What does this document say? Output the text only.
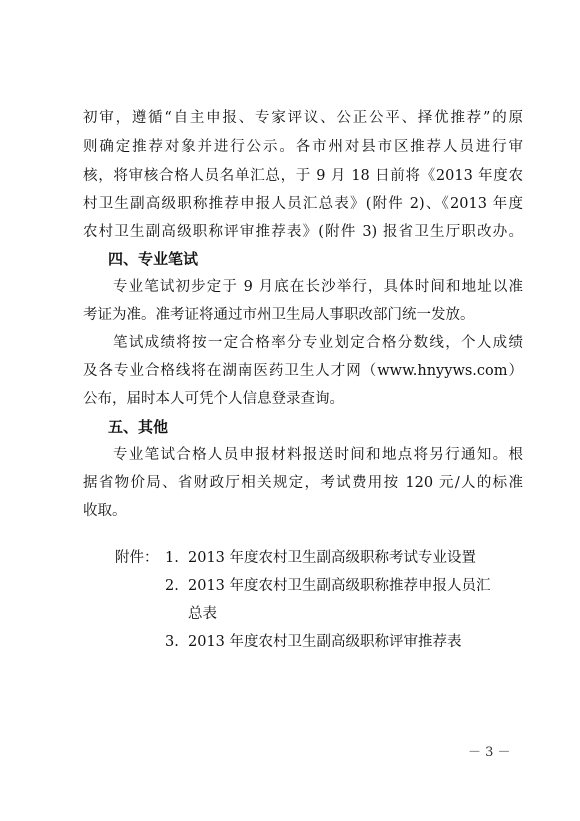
初审，遵循“自主申报、专家评议、公正公平、择优推荐”的原
则确定推荐对象并进行公示。各市州对县市区推荐人员进行审
核，将审核合格人员名单汇总，于 9 月 18 日前将《2013 年度农
村卫生副高级职称推荐申报人员汇总表》(附件 2)、《2013 年度
农村卫生副高级职称评审推荐表》(附件 3) 报省卫生厅职改办。
四、专业笔试
专业笔试初步定于 9 月底在长沙举行，具体时间和地址以准
考证为准。准考证将通过市州卫生局人事职改部门统一发放。
笔试成绩将按一定合格率分专业划定合格分数线，个人成绩
及各专业合格线将在湖南医药卫生人才网（www.hnyyws.com）
公布，届时本人可凭个人信息登录查询。
五、其他
专业笔试合格人员申报材料报送时间和地点将另行通知。根
据省物价局、省财政厅相关规定，考试费用按 120 元/人的标准
收取。
附件： 1. 2013 年度农村卫生副高级职称考试专业设置
2. 2013 年度农村卫生副高级职称推荐申报人员汇
总表
3. 2013 年度农村卫生副高级职称评审推荐表
－ 3 －
